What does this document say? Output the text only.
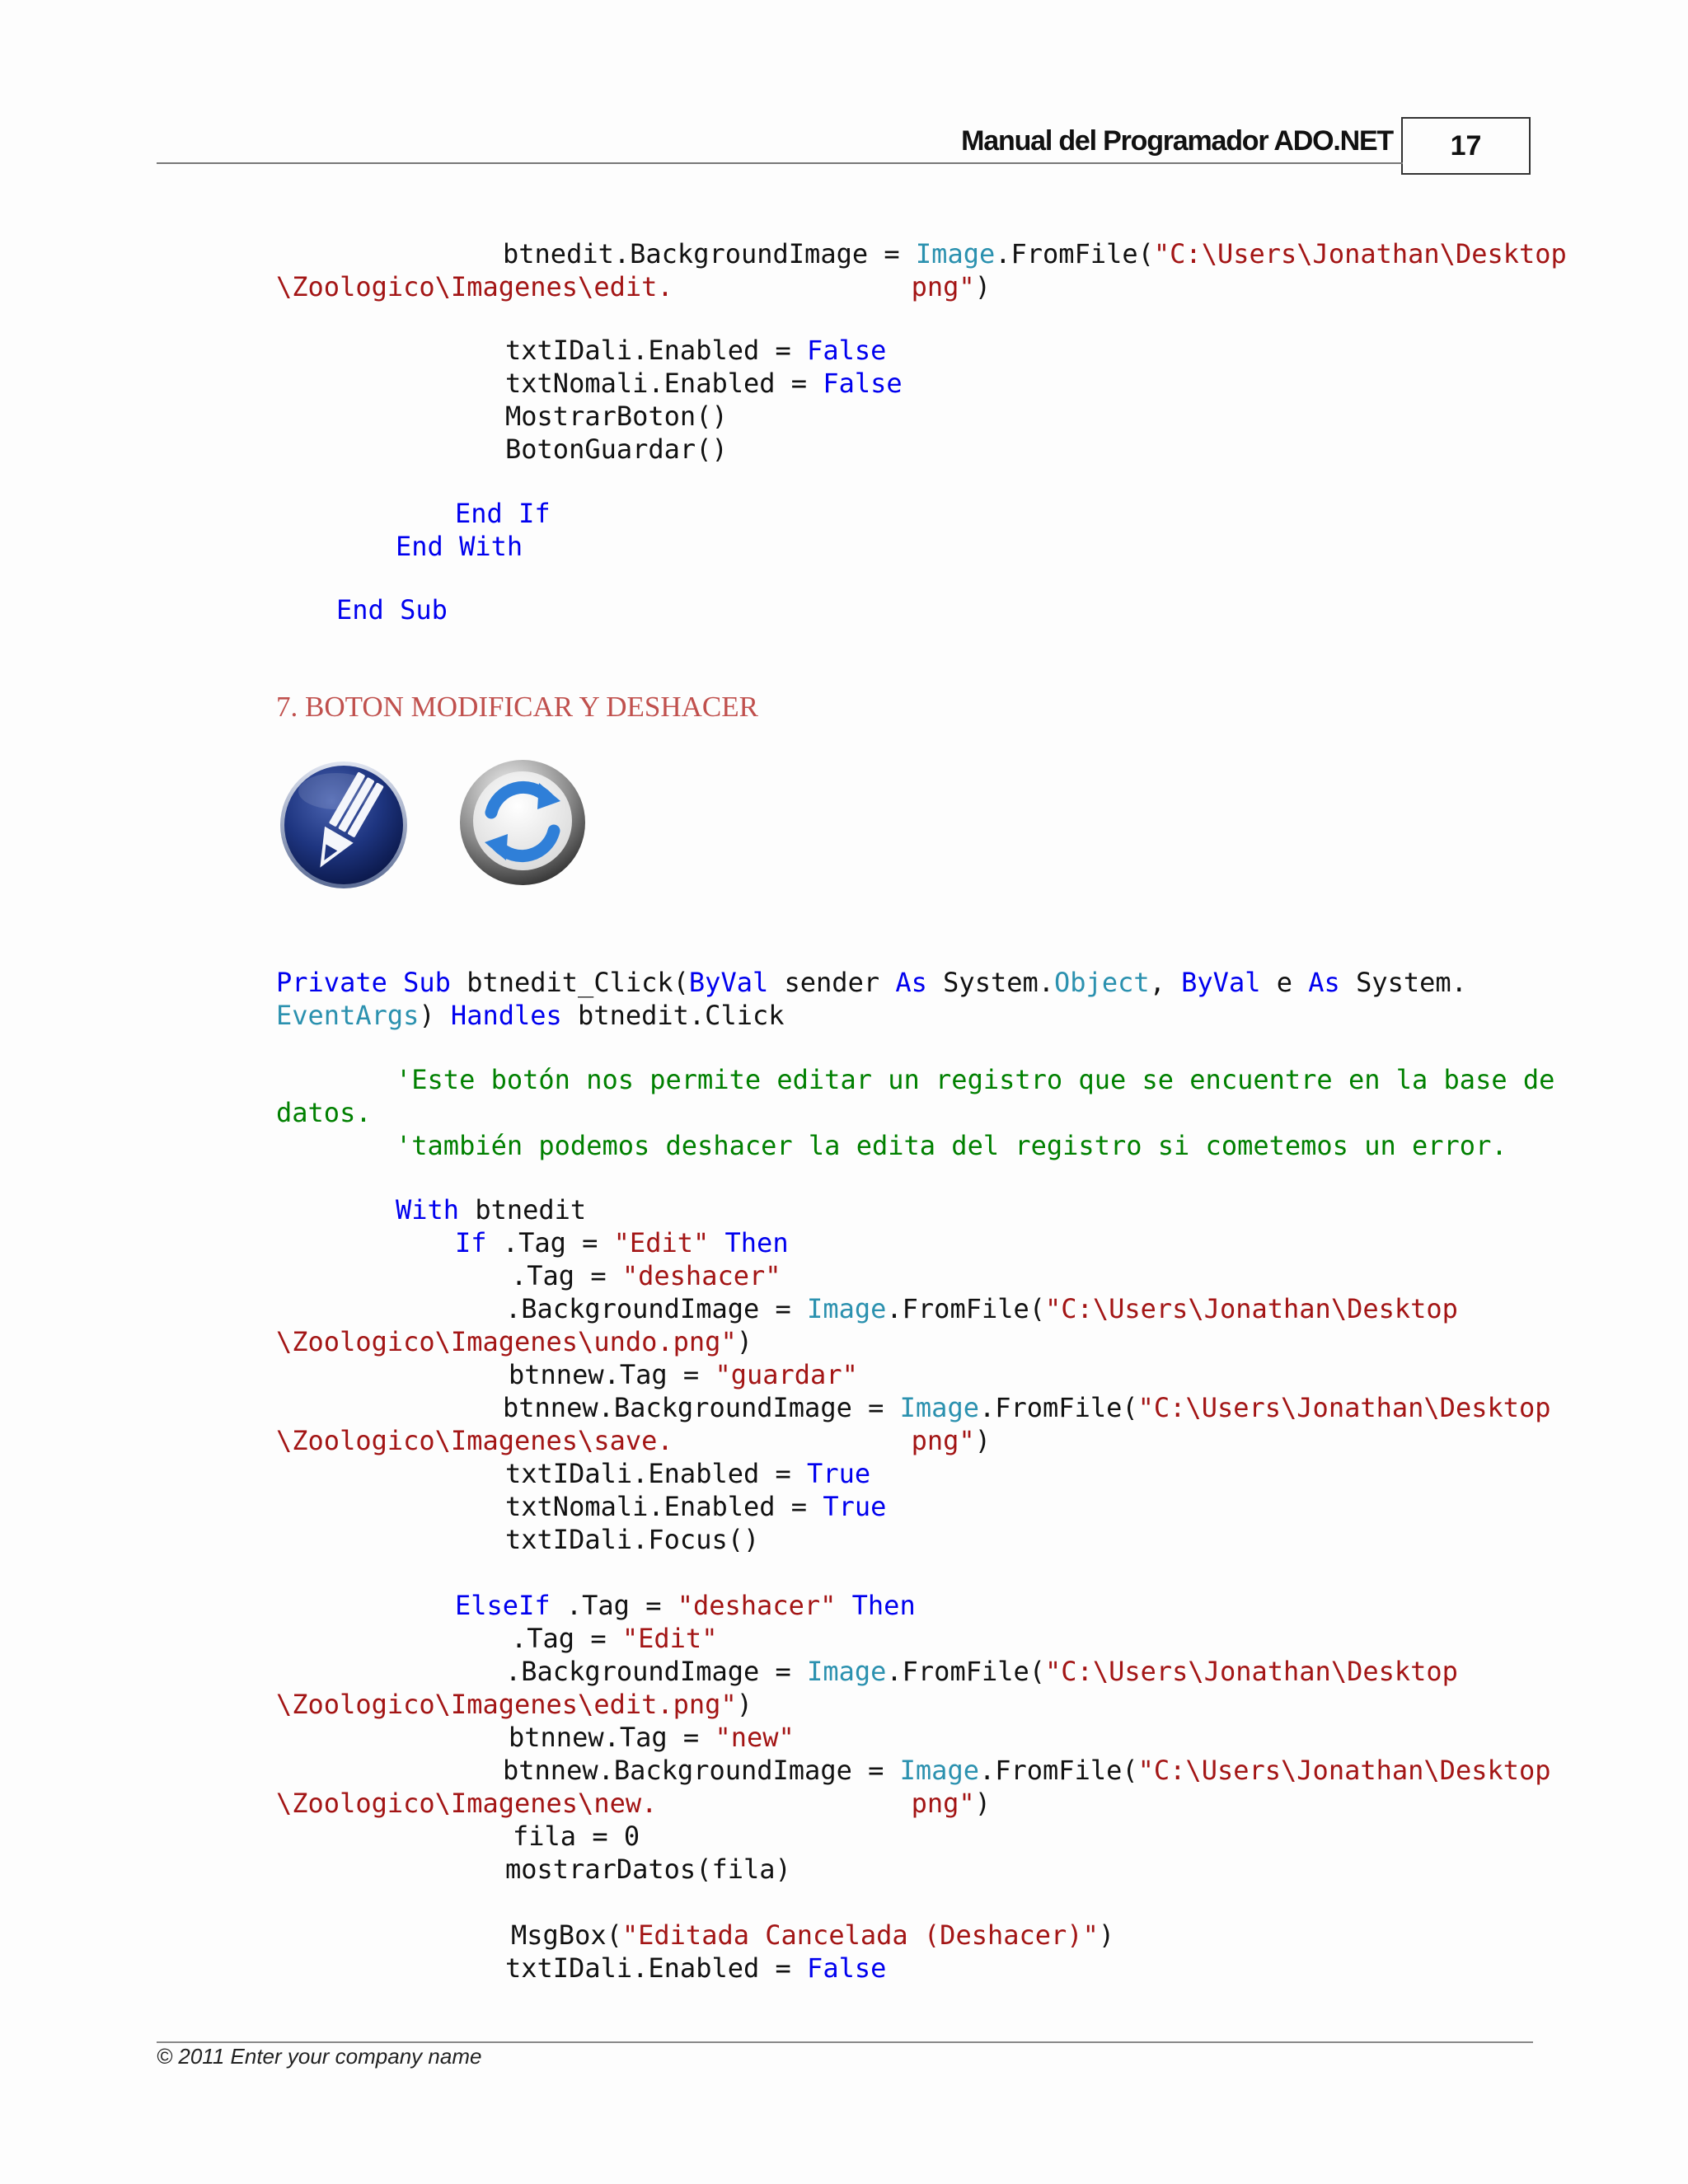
Manual del Programador ADO.NET 17
btnedit.BackgroundImage = Image.FromFile("C:\Users\Jonathan\Desktop
\Zoologico\Imagenes\edit.               png")
txtIDali.Enabled = False
txtNomali.Enabled = False
MostrarBoton()
BotonGuardar()
End If
End With
End Sub
7. BOTON MODIFICAR Y DESHACER
Private Sub btnedit_Click(ByVal sender As System.Object, ByVal e As System.
EventArgs) Handles btnedit.Click
'Este botón nos permite editar un registro que se encuentre en la base de
datos.
'también podemos deshacer la edita del registro si cometemos un error.
With btnedit
If .Tag = "Edit" Then
.Tag = "deshacer"
.BackgroundImage = Image.FromFile("C:\Users\Jonathan\Desktop
\Zoologico\Imagenes\undo.png")
btnnew.Tag = "guardar"
btnnew.BackgroundImage = Image.FromFile("C:\Users\Jonathan\Desktop
\Zoologico\Imagenes\save.               png")
txtIDali.Enabled = True
txtNomali.Enabled = True
txtIDali.Focus()
ElseIf .Tag = "deshacer" Then
.Tag = "Edit"
.BackgroundImage = Image.FromFile("C:\Users\Jonathan\Desktop
\Zoologico\Imagenes\edit.png")
btnnew.Tag = "new"
btnnew.BackgroundImage = Image.FromFile("C:\Users\Jonathan\Desktop
\Zoologico\Imagenes\new.                png")
fila = 0
mostrarDatos(fila)
MsgBox("Editada Cancelada (Deshacer)")
txtIDali.Enabled = False
© 2011 Enter your company name
